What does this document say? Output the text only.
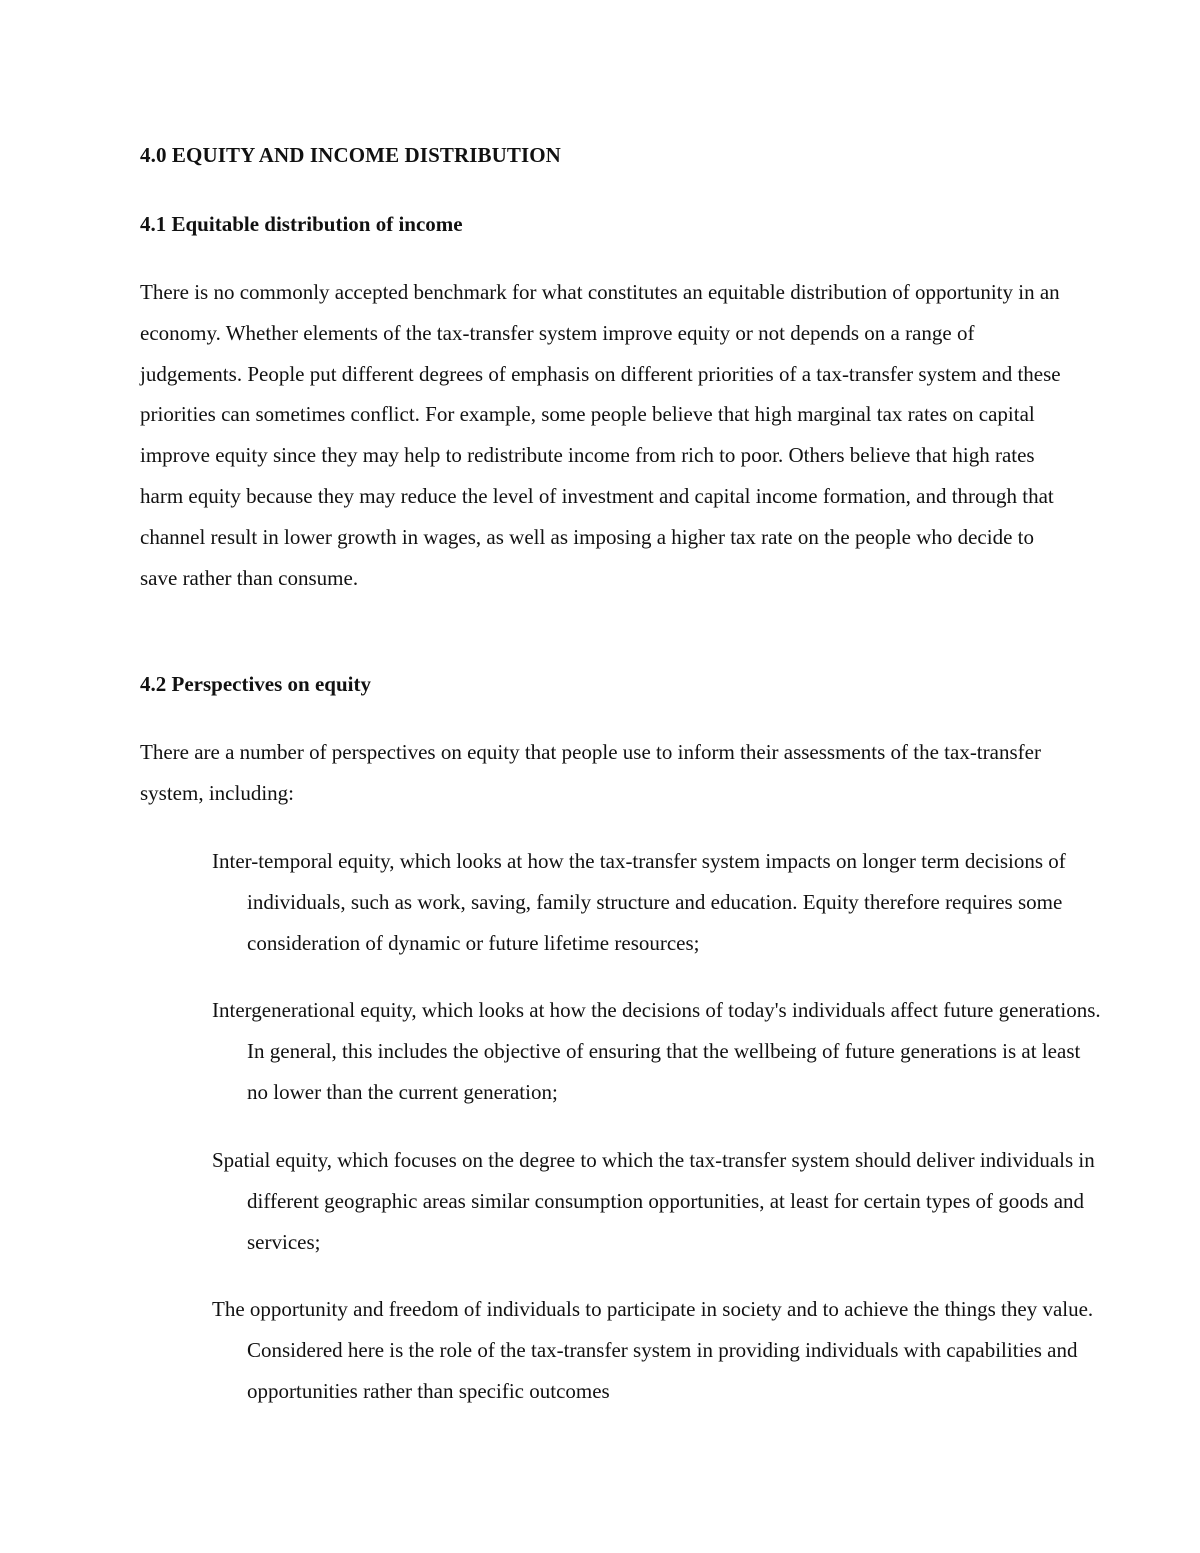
4.0 EQUITY AND INCOME DISTRIBUTION
4.1 Equitable distribution of income

There is no commonly accepted benchmark for what constitutes an equitable distribution of opportunity in an economy. Whether elements of the tax-transfer system improve equity or not depends on a range of judgements. People put different degrees of emphasis on different priorities of a tax-transfer system and these priorities can sometimes conflict. For example, some people believe that high marginal tax rates on capital improve equity since they may help to redistribute income from rich to poor. Others believe that high rates harm equity because they may reduce the level of investment and capital income formation, and through that channel result in lower growth in wages, as well as imposing a higher tax rate on the people who decide to save rather than consume.

4.2 Perspectives on equity

There are a number of perspectives on equity that people use to inform their assessments of the tax-transfer system, including:

Inter-temporal equity, which looks at how the tax-transfer system impacts on longer term decisions of individuals, such as work, saving, family structure and education. Equity therefore requires some consideration of dynamic or future lifetime resources;

Intergenerational equity, which looks at how the decisions of today's individuals affect future generations. In general, this includes the objective of ensuring that the wellbeing of future generations is at least no lower than the current generation;

Spatial equity, which focuses on the degree to which the tax-transfer system should deliver individuals in different geographic areas similar consumption opportunities, at least for certain types of goods and services;

The opportunity and freedom of individuals to participate in society and to achieve the things they value. Considered here is the role of the tax-transfer system in providing individuals with capabilities and opportunities rather than specific outcomes
